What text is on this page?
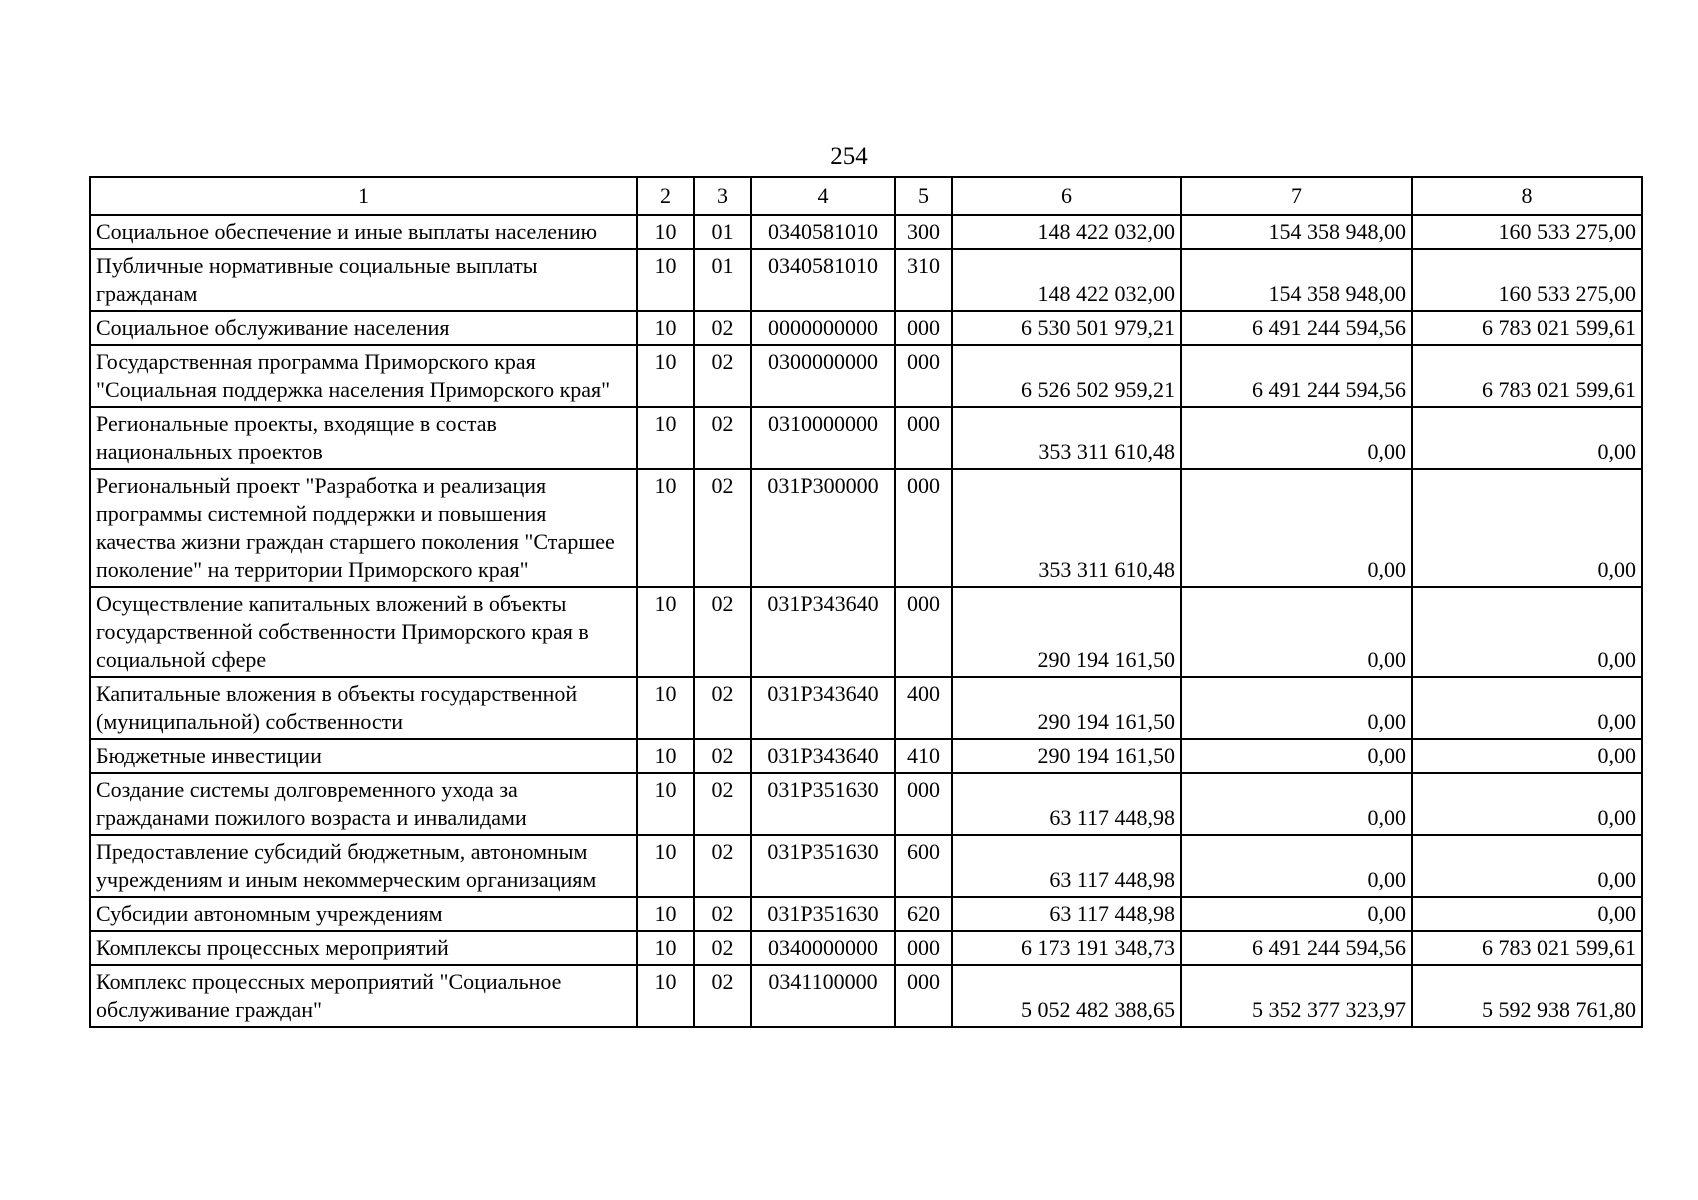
254
1	2	3	4	5	6	7	8
Социальное обеспечение и иные выплаты населению	10	01	0340581010	300	148 422 032,00	154 358 948,00	160 533 275,00
Публичные нормативные социальные выплаты гражданам	10	01	0340581010	310	148 422 032,00	154 358 948,00	160 533 275,00
Социальное обслуживание населения	10	02	0000000000	000	6 530 501 979,21	6 491 244 594,56	6 783 021 599,61
Государственная программа Приморского края "Социальная поддержка населения Приморского края"	10	02	0300000000	000	6 526 502 959,21	6 491 244 594,56	6 783 021 599,61
Региональные проекты, входящие в состав национальных проектов	10	02	0310000000	000	353 311 610,48	0,00	0,00
Региональный проект "Разработка и реализация программы системной поддержки и повышения качества жизни граждан старшего поколения "Старшее поколение" на территории Приморского края"	10	02	031P300000	000	353 311 610,48	0,00	0,00
Осуществление капитальных вложений в объекты государственной собственности Приморского края в социальной сфере	10	02	031P343640	000	290 194 161,50	0,00	0,00
Капитальные вложения в объекты государственной (муниципальной) собственности	10	02	031P343640	400	290 194 161,50	0,00	0,00
Бюджетные инвестиции	10	02	031P343640	410	290 194 161,50	0,00	0,00
Создание системы долговременного ухода за гражданами пожилого возраста и инвалидами	10	02	031P351630	000	63 117 448,98	0,00	0,00
Предоставление субсидий бюджетным, автономным учреждениям и иным некоммерческим организациям	10	02	031P351630	600	63 117 448,98	0,00	0,00
Субсидии автономным учреждениям	10	02	031P351630	620	63 117 448,98	0,00	0,00
Комплексы процессных мероприятий	10	02	0340000000	000	6 173 191 348,73	6 491 244 594,56	6 783 021 599,61
Комплекс процессных мероприятий "Социальное обслуживание граждан"	10	02	0341100000	000	5 052 482 388,65	5 352 377 323,97	5 592 938 761,80
